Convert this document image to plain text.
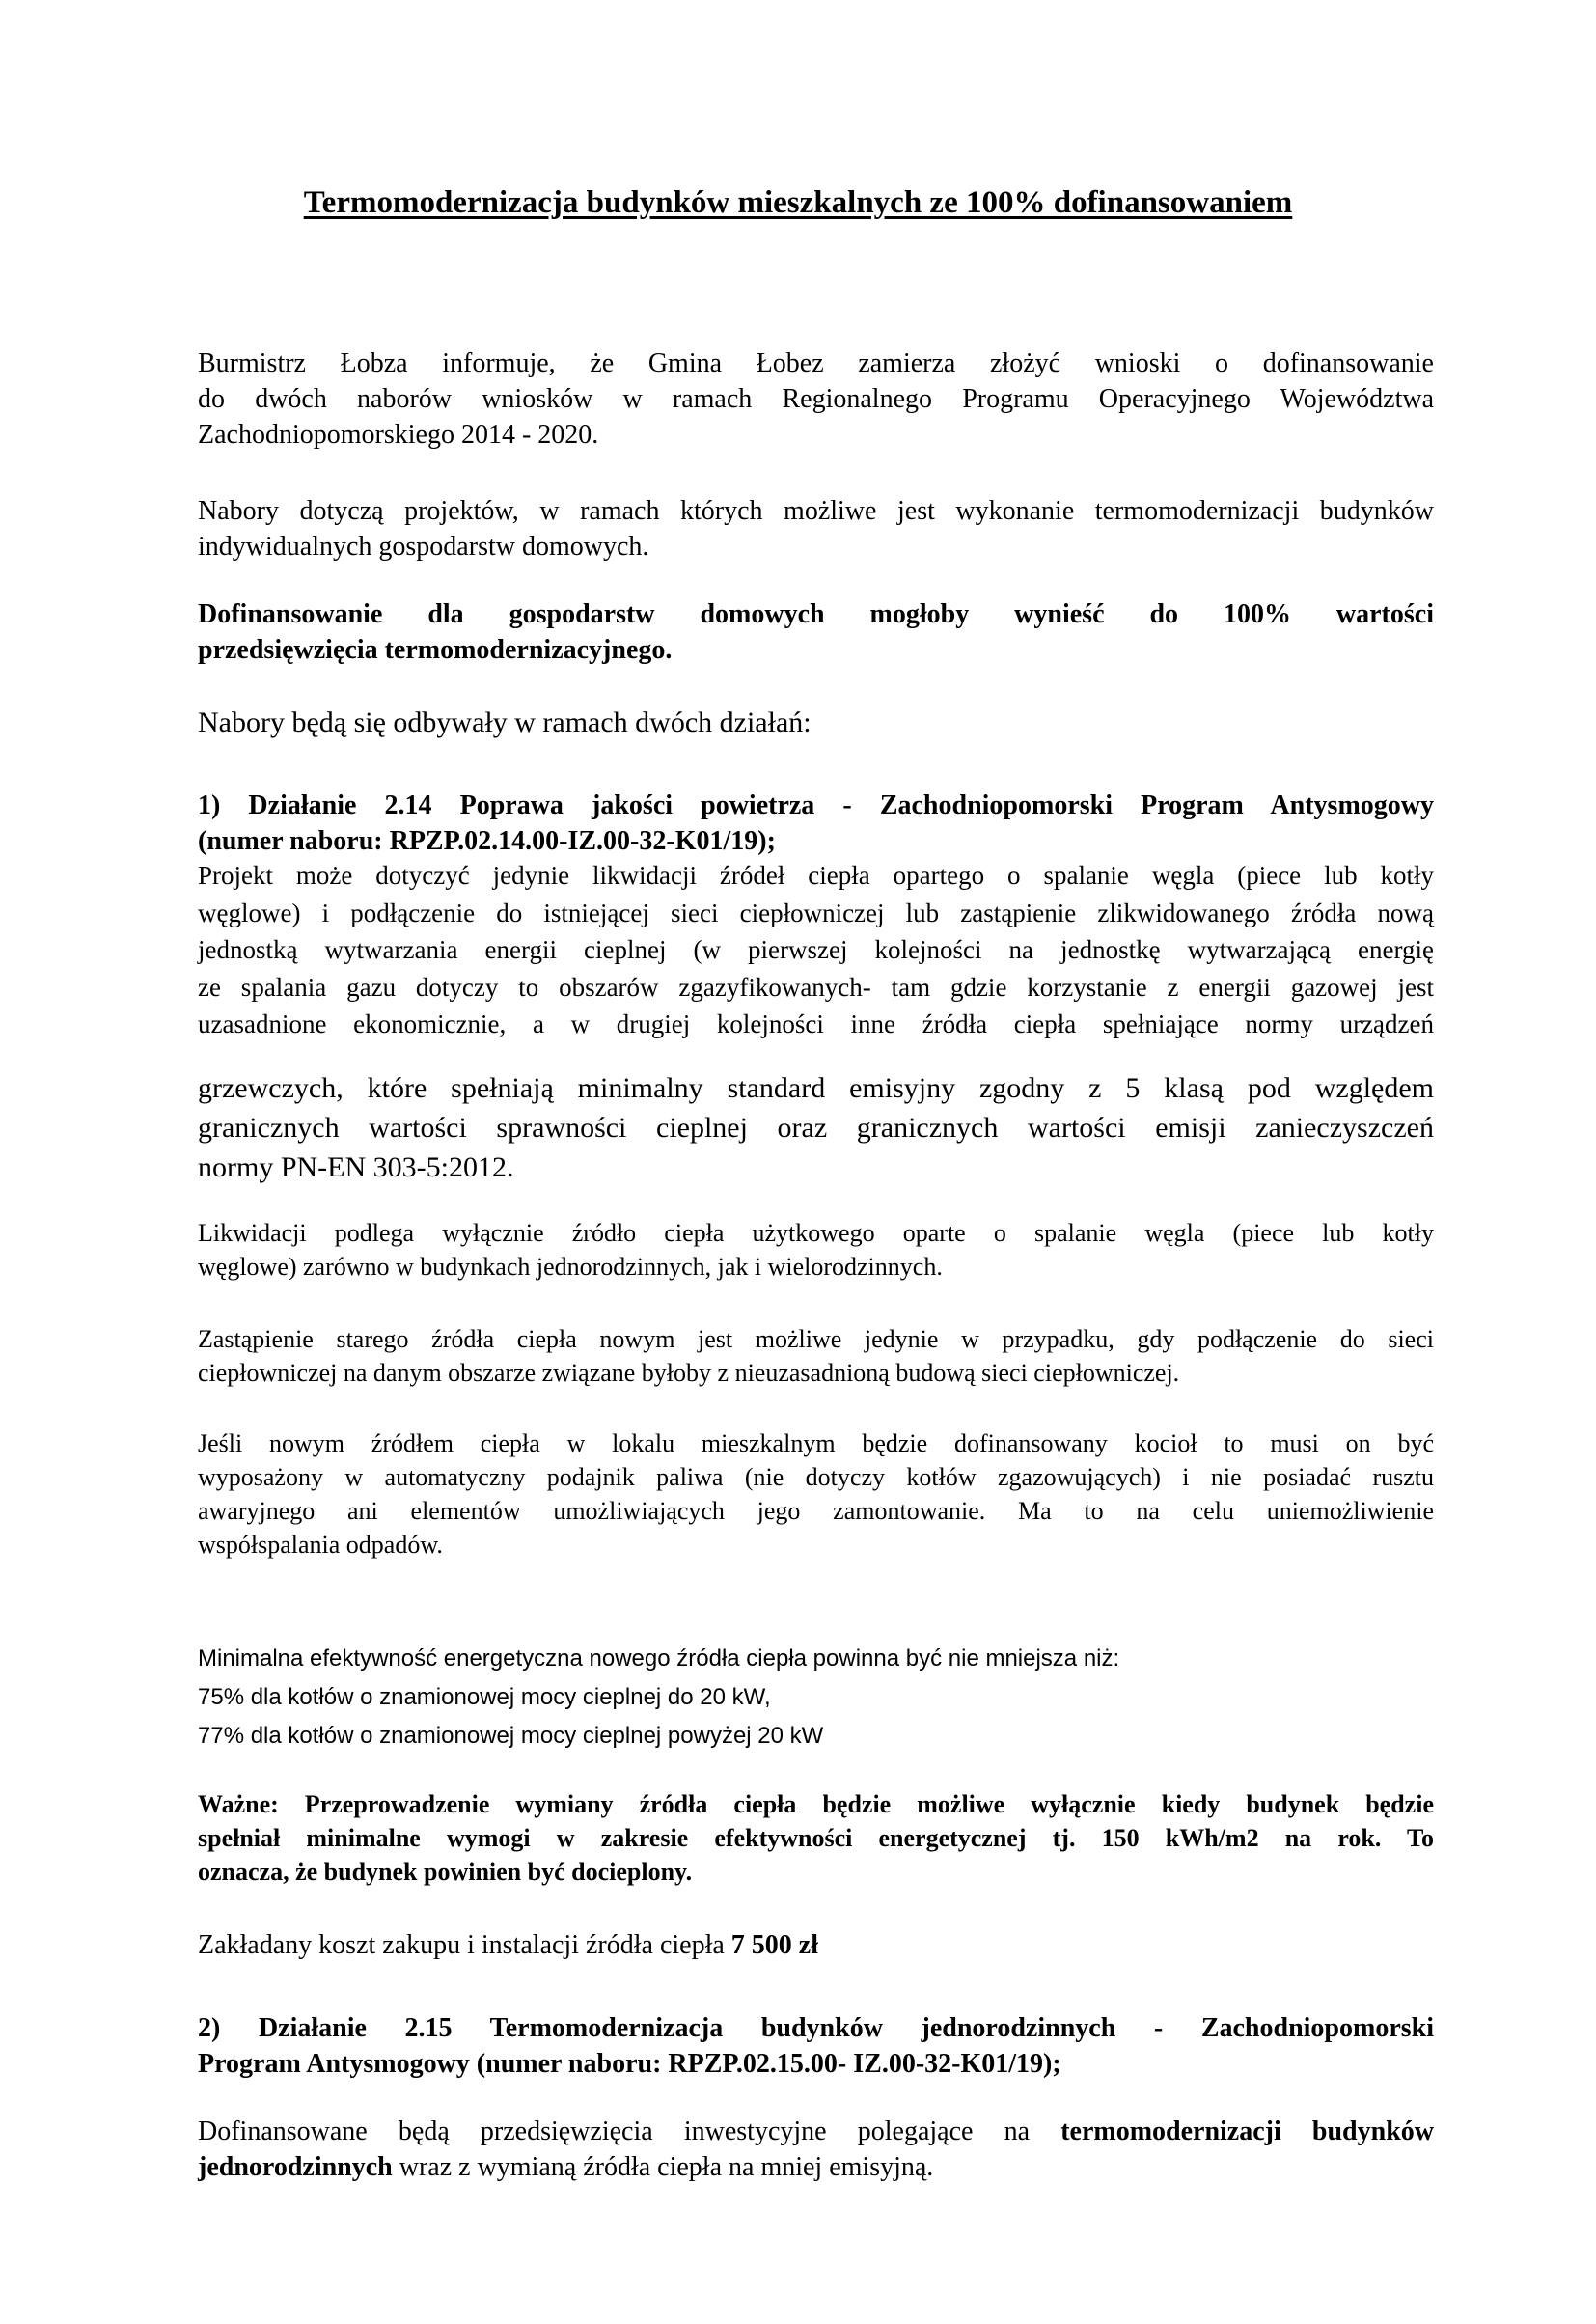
Termomodernizacja budynków mieszkalnych ze 100% dofinansowaniem

Burmistrz Łobza informuje, że Gmina Łobez zamierza złożyć wnioski o dofinansowanie
do dwóch naborów wniosków w ramach Regionalnego Programu Operacyjnego Województwa
Zachodniopomorskiego 2014 - 2020.

Nabory dotyczą projektów, w ramach których możliwe jest wykonanie termomodernizacji budynków
indywidualnych gospodarstw domowych.

Dofinansowanie dla gospodarstw domowych mogłoby wynieść do 100% wartości
przedsięwzięcia termomodernizacyjnego.

Nabory będą się odbywały w ramach dwóch działań:

1) Działanie 2.14 Poprawa jakości powietrza - Zachodniopomorski Program Antysmogowy
(numer naboru: RPZP.02.14.00-IZ.00-32-K01/19);

Projekt może dotyczyć jedynie likwidacji źródeł ciepła opartego o spalanie węgla (piece lub kotły
węglowe) i podłączenie do istniejącej sieci ciepłowniczej lub zastąpienie zlikwidowanego źródła nową
jednostką wytwarzania energii cieplnej (w pierwszej kolejności na jednostkę wytwarzającą energię
ze spalania gazu dotyczy to obszarów zgazyfikowanych- tam gdzie korzystanie z energii gazowej jest
uzasadnione ekonomicznie, a w drugiej kolejności inne źródła ciepła spełniające normy urządzeń

grzewczych, które spełniają minimalny standard emisyjny zgodny z 5 klasą pod względem
granicznych wartości sprawności cieplnej oraz granicznych wartości emisji zanieczyszczeń
normy PN-EN 303-5:2012.

Likwidacji podlega wyłącznie źródło ciepła użytkowego oparte o spalanie węgla (piece lub kotły
węglowe) zarówno w budynkach jednorodzinnych, jak i wielorodzinnych.

Zastąpienie starego źródła ciepła nowym jest możliwe jedynie w przypadku, gdy podłączenie do sieci
ciepłowniczej na danym obszarze związane byłoby z nieuzasadnioną budową sieci ciepłowniczej.

Jeśli nowym źródłem ciepła w lokalu mieszkalnym będzie dofinansowany kocioł to musi on być
wyposażony w automatyczny podajnik paliwa (nie dotyczy kotłów zgazowujących) i nie posiadać rusztu
awaryjnego ani elementów umożliwiających jego zamontowanie. Ma to na celu uniemożliwienie
współspalania odpadów.

Minimalna efektywność energetyczna nowego źródła ciepła powinna być nie mniejsza niż:
75% dla kotłów o znamionowej mocy cieplnej do 20 kW,
77% dla kotłów o znamionowej mocy cieplnej powyżej 20 kW

Ważne: Przeprowadzenie wymiany źródła ciepła będzie możliwe wyłącznie kiedy budynek będzie
spełniał minimalne wymogi w zakresie efektywności energetycznej tj. 150 kWh/m2 na rok. To
oznacza, że budynek powinien być docieplony.

Zakładany koszt zakupu i instalacji źródła ciepła 7 500 zł

2) Działanie 2.15 Termomodernizacja budynków jednorodzinnych - Zachodniopomorski
Program Antysmogowy (numer naboru: RPZP.02.15.00- IZ.00-32-K01/19);

Dofinansowane będą przedsięwzięcia inwestycyjne polegające na termomodernizacji budynków jednorodzinnych wraz z wymianą źródła ciepła na mniej emisyjną.
